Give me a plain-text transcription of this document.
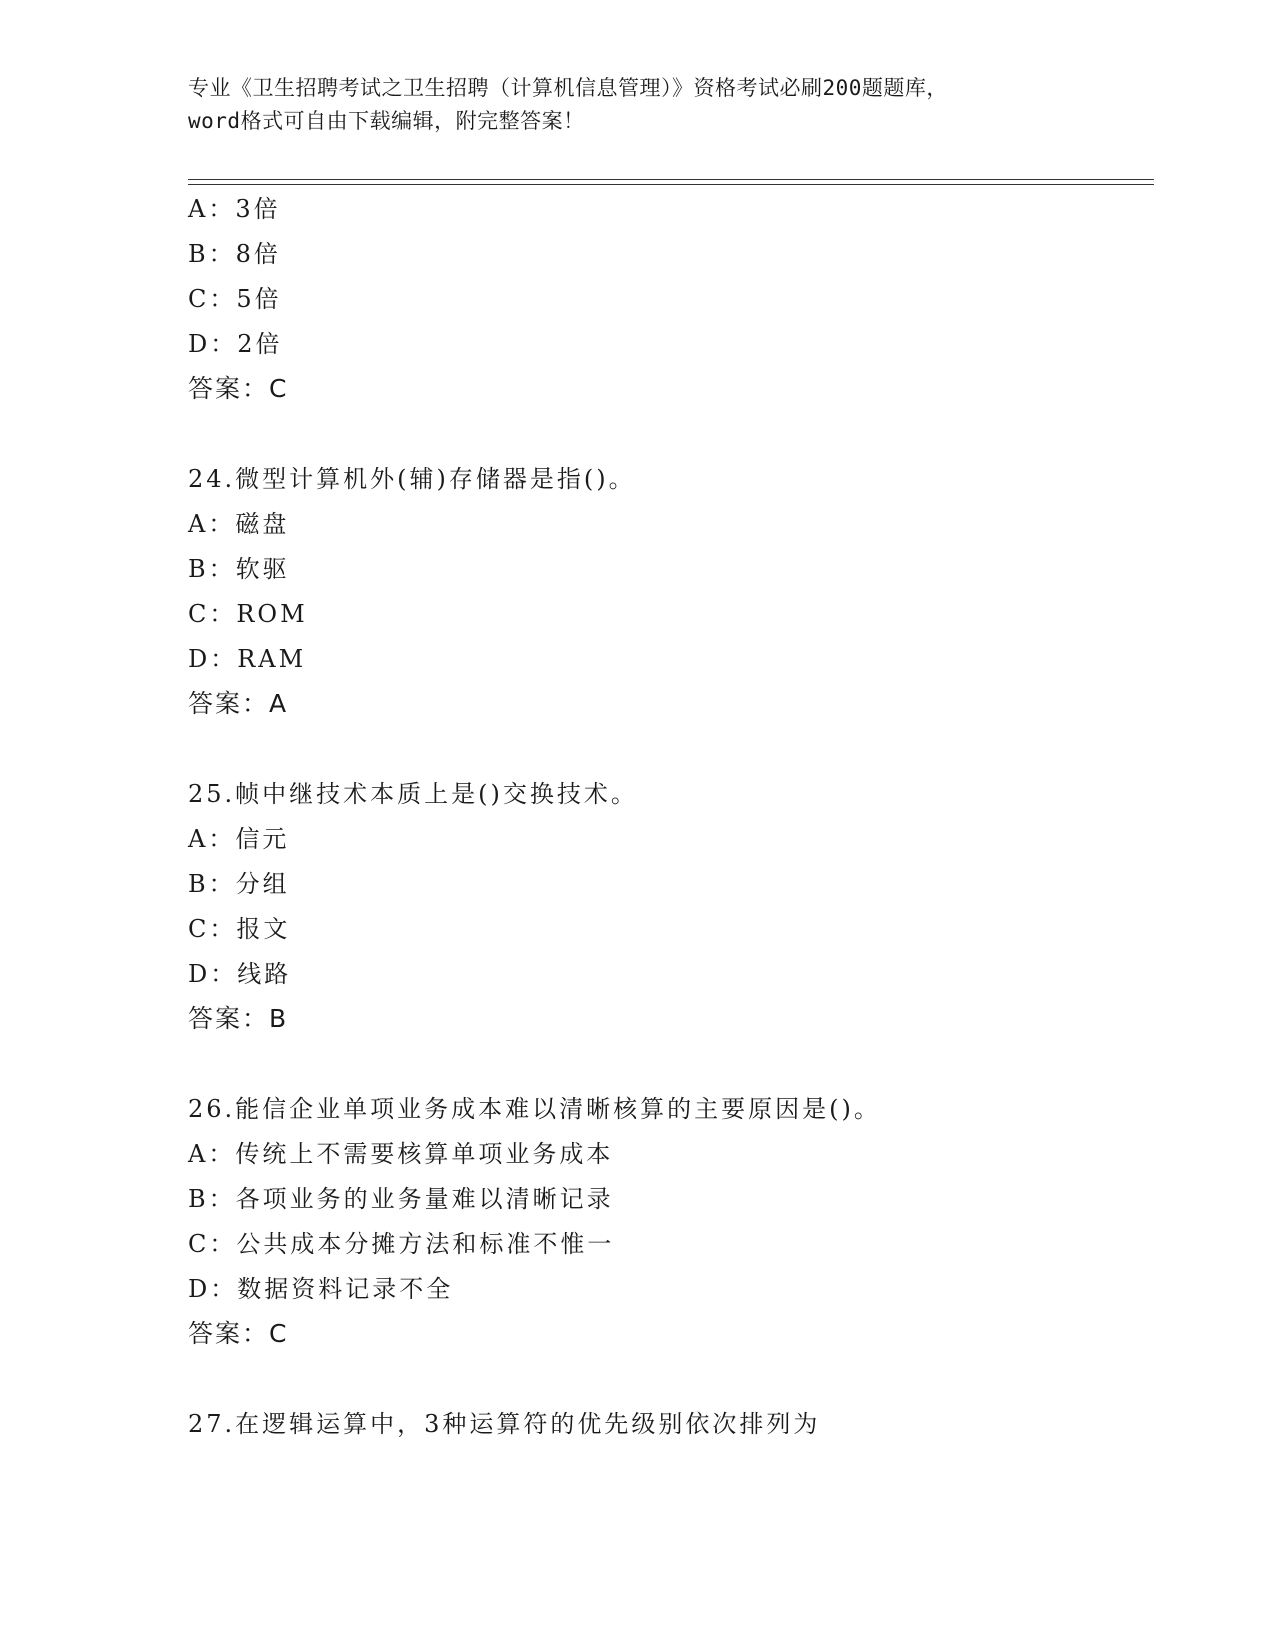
专业《卫生招聘考试之卫生招聘（计算机信息管理）》资格考试必刷200题题库，
word格式可自由下载编辑，附完整答案！
A：3倍
B：8倍
C：5倍
D：2倍
答案：C
24.微型计算机外(辅)存储器是指()。
A：磁盘
B：软驱
C：ROM
D：RAM
答案：A
25.帧中继技术本质上是()交换技术。
A：信元
B：分组
C：报文
D：线路
答案：B
26.能信企业单项业务成本难以清晰核算的主要原因是()。
A：传统上不需要核算单项业务成本
B：各项业务的业务量难以清晰记录
C：公共成本分摊方法和标准不惟一
D：数据资料记录不全
答案：C
27.在逻辑运算中，3种运算符的优先级别依次排列为
